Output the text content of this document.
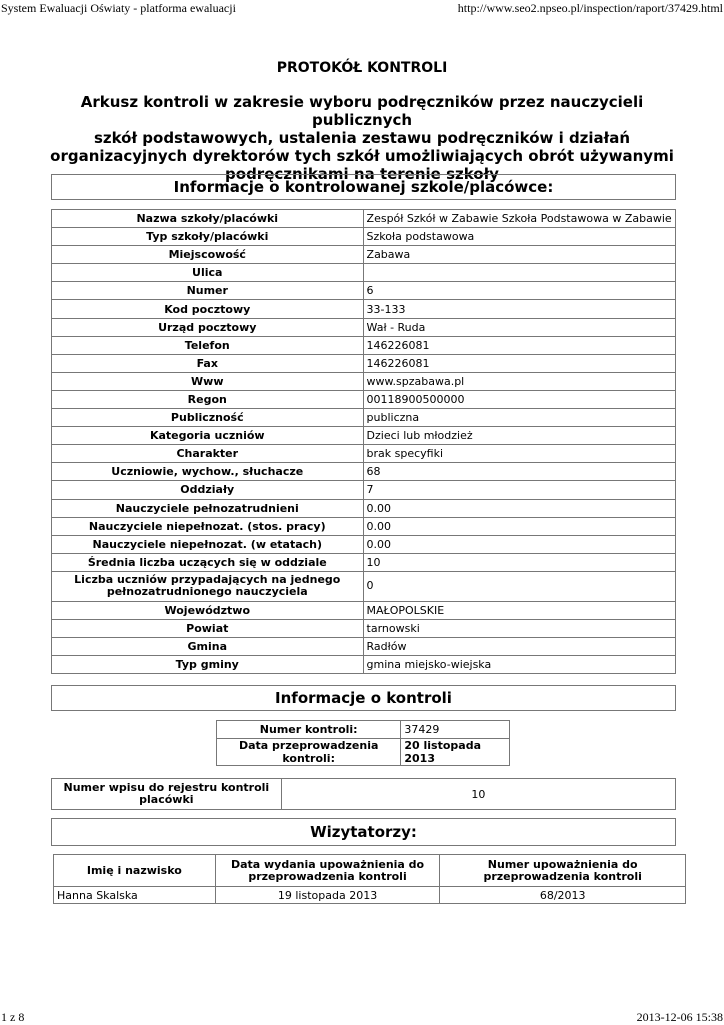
System Ewaluacji Oświaty - platforma ewaluacji	http://www.seo2.npseo.pl/inspection/raport/37429.html
PROTOKÓŁ KONTROLI
Arkusz kontroli w zakresie wyboru podręczników przez nauczycieli publicznych
szkół podstawowych, ustalenia zestawu podręczników i działań
organizacyjnych dyrektorów tych szkół umożliwiających obrót używanymi
podręcznikami na terenie szkoły
Informacje o kontrolowanej szkole/placówce:
Nazwa szkoły/placówki	Zespół Szkół w Zabawie Szkoła Podstawowa w Zabawie
Typ szkoły/placówki	Szkoła podstawowa
Miejscowość	Zabawa
Ulica	
Numer	6
Kod pocztowy	33-133
Urząd pocztowy	Wał - Ruda
Telefon	146226081
Fax	146226081
Www	www.spzabawa.pl
Regon	00118900500000
Publiczność	publiczna
Kategoria uczniów	Dzieci lub młodzież
Charakter	brak specyfiki
Uczniowie, wychow., słuchacze	68
Oddziały	7
Nauczyciele pełnozatrudnieni	0.00
Nauczyciele niepełnozat. (stos. pracy)	0.00
Nauczyciele niepełnozat. (w etatach)	0.00
Średnia liczba uczących się w oddziale	10
Liczba uczniów przypadających na jednego pełnozatrudnionego nauczyciela	0
Województwo	MAŁOPOLSKIE
Powiat	tarnowski
Gmina	Radłów
Typ gminy	gmina miejsko-wiejska
Informacje o kontroli
Numer kontroli:	37429
Data przeprowadzenia kontroli:	20 listopada 2013
Numer wpisu do rejestru kontroli placówki	10
Wizytatorzy:
Imię i nazwisko	Data wydania upoważnienia do przeprowadzenia kontroli	Numer upoważnienia do przeprowadzenia kontroli
Hanna Skalska	19 listopada 2013	68/2013
1 z 8	2013-12-06 15:38
